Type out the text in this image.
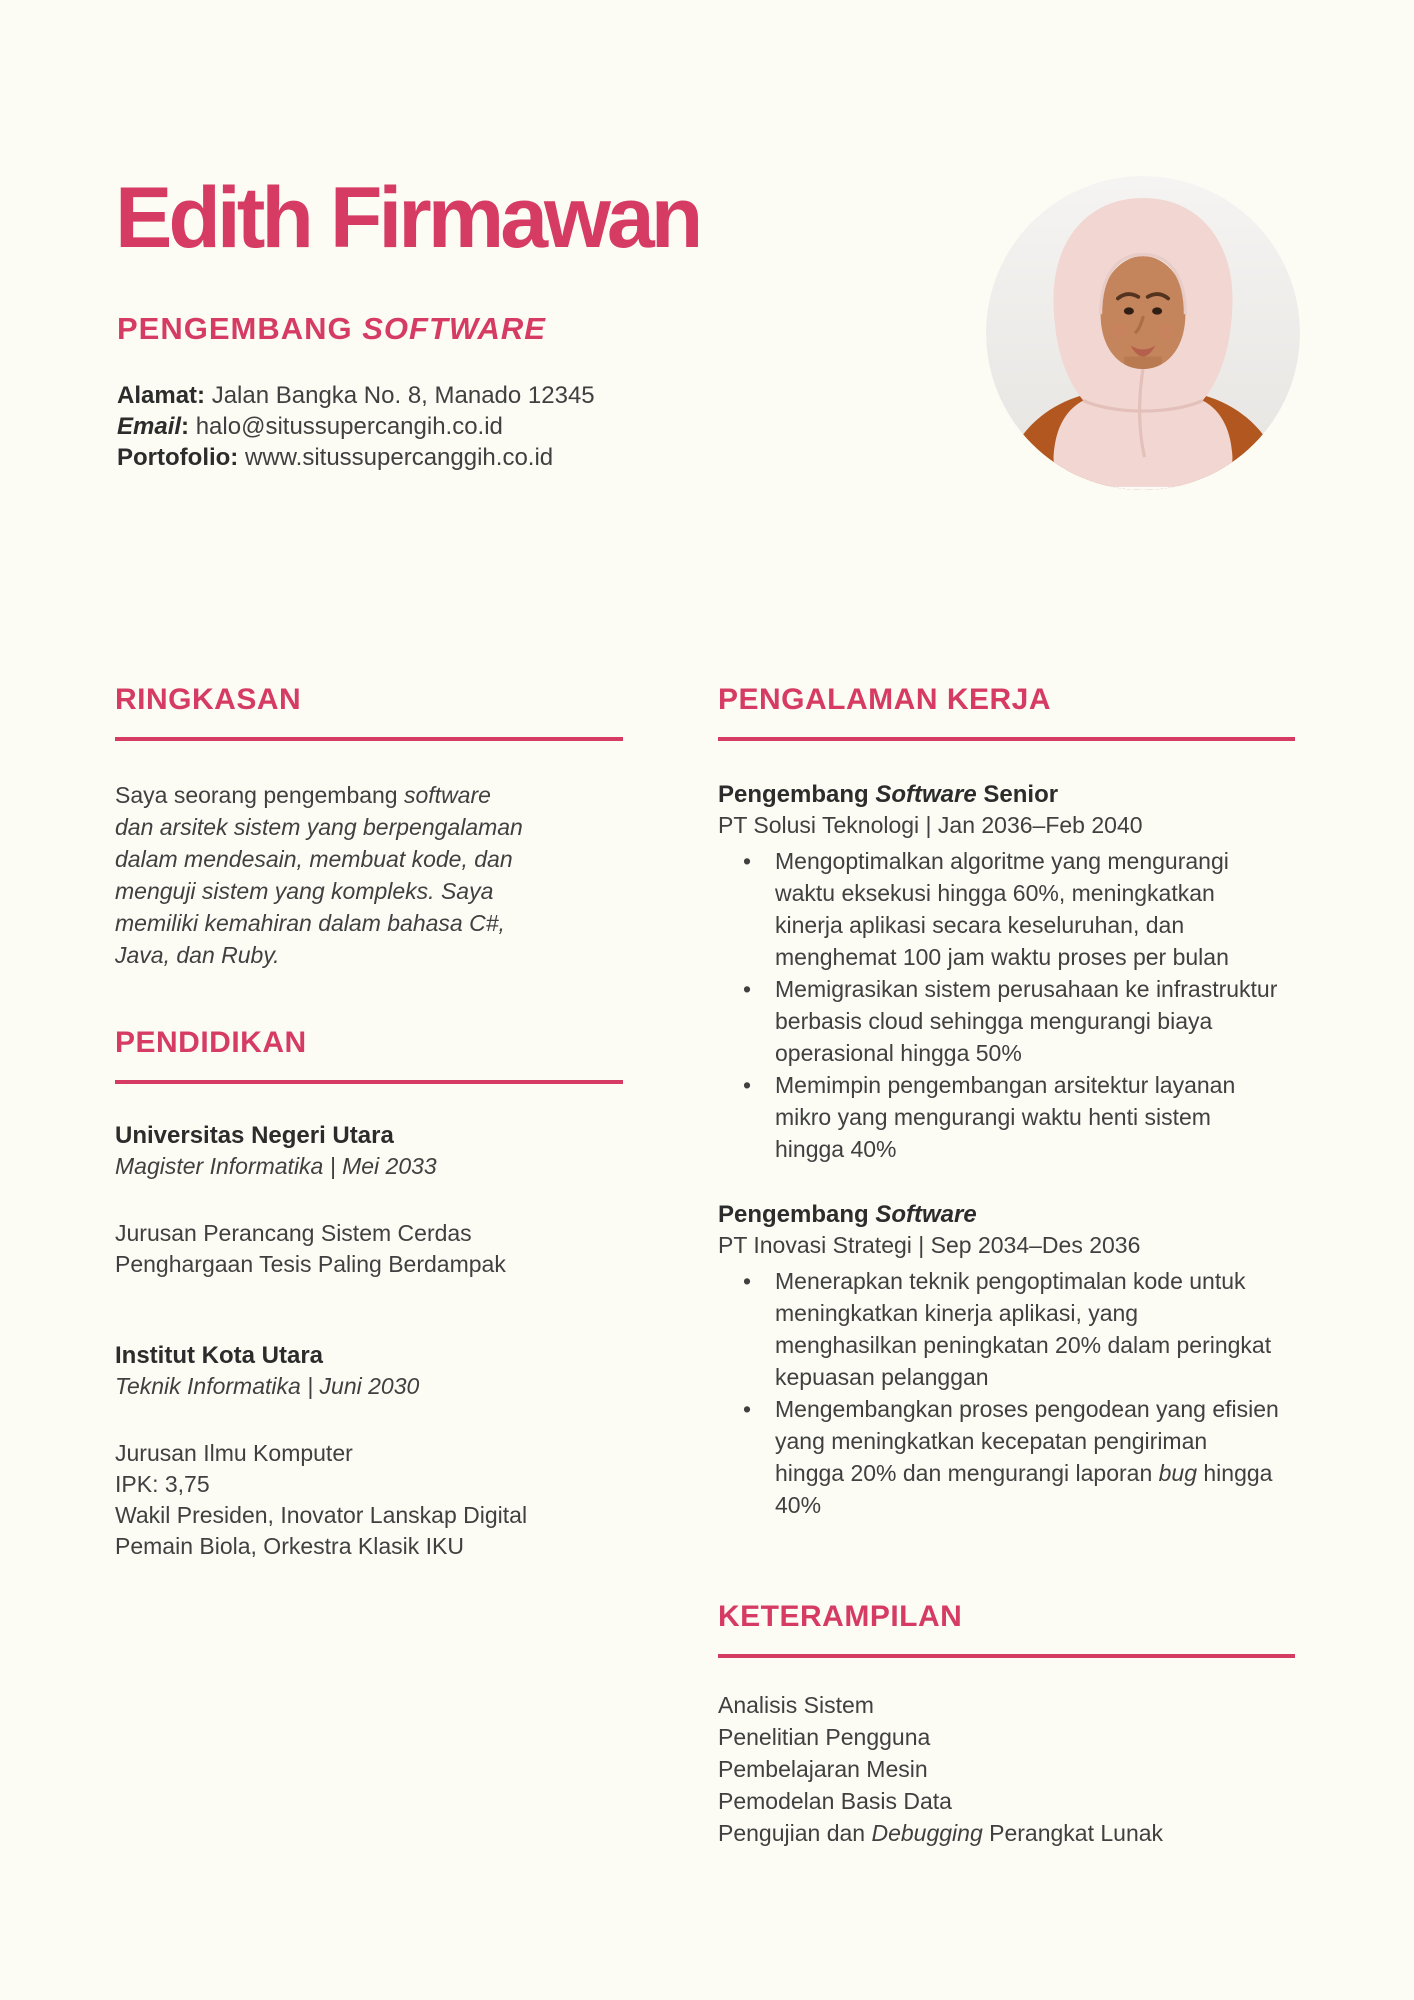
Edith Firmawan
PENGEMBANG SOFTWARE

Alamat: Jalan Bangka No. 8, Manado 12345

Email: halo@situssupercangih.co.id

Portofolio: www.situssupercanggih.co.id

RINGKASAN

Saya seorang pengembang software dan arsitek sistem yang berpengalaman dalam mendesain, membuat kode, dan menguji sistem yang kompleks. Saya memiliki kemahiran dalam bahasa C#, Java, dan Ruby.

PENDIDIKAN

Universitas Negeri Utara

Magister Informatika | Mei 2033

Jurusan Perancang Sistem Cerdas

Penghargaan Tesis Paling Berdampak

Institut Kota Utara

Teknik Informatika | Juni 2030

Jurusan Ilmu Komputer

IPK: 3,75

Wakil Presiden, Inovator Lanskap Digital

Pemain Biola, Orkestra Klasik IKU

PENGALAMAN KERJA

Pengembang Software Senior

PT Solusi Teknologi | Jan 2036–Feb 2040

• Mengoptimalkan algoritme yang mengurangi waktu eksekusi hingga 60%, meningkatkan kinerja aplikasi secara keseluruhan, dan menghemat 100 jam waktu proses per bulan
• Memigrasikan sistem perusahaan ke infrastruktur berbasis cloud sehingga mengurangi biaya operasional hingga 50%
• Memimpin pengembangan arsitektur layanan mikro yang mengurangi waktu henti sistem hingga 40%

Pengembang Software

PT Inovasi Strategi | Sep 2034–Des 2036

• Menerapkan teknik pengoptimalan kode untuk meningkatkan kinerja aplikasi, yang menghasilkan peningkatan 20% dalam peringkat kepuasan pelanggan
• Mengembangkan proses pengodean yang efisien yang meningkatkan kecepatan pengiriman hingga 20% dan mengurangi laporan bug hingga 40%
KETERAMPILAN

Analisis Sistem

Penelitian Pengguna

Pembelajaran Mesin

Pemodelan Basis Data

Pengujian dan Debugging Perangkat Lunak
